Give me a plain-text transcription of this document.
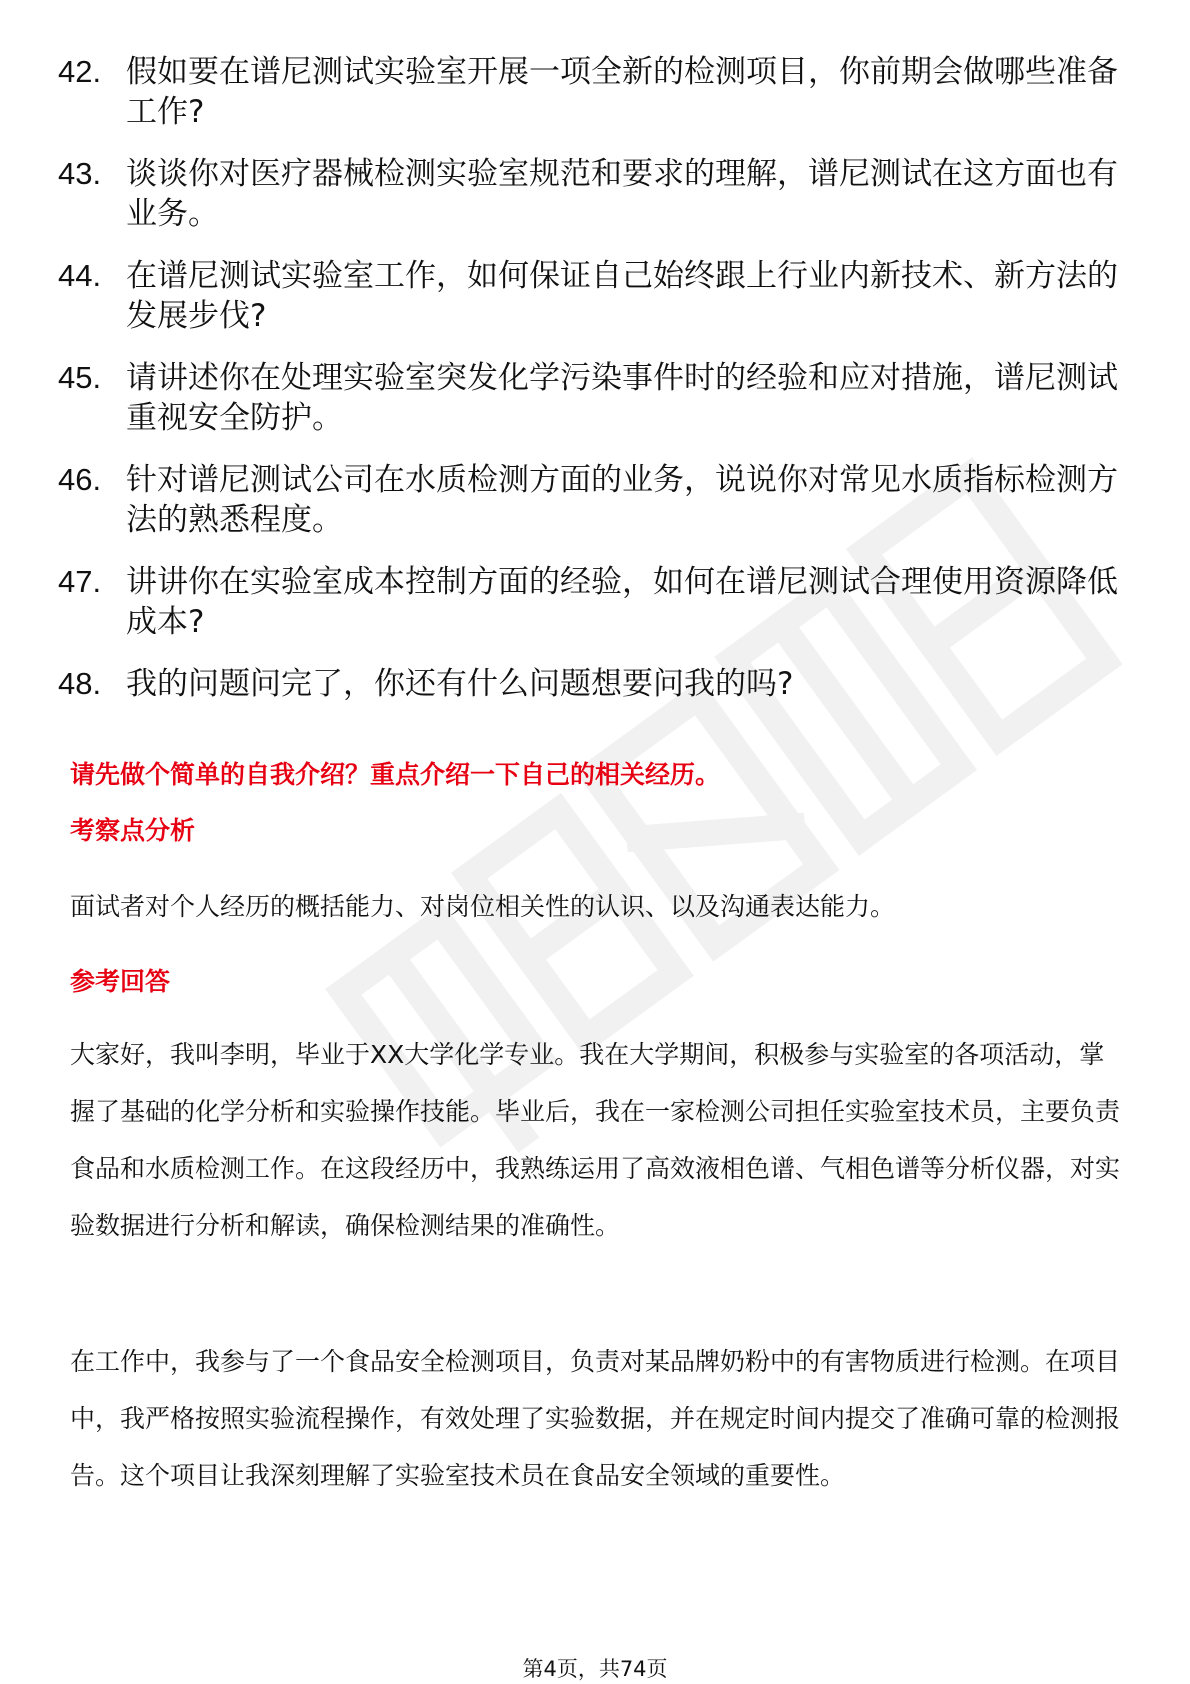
42. 假如要在谱尼测试实验室开展一项全新的检测项目，你前期会做哪些准备工作?
43. 谈谈你对医疗器械检测实验室规范和要求的理解，谱尼测试在这方面也有业务。
44. 在谱尼测试实验室工作，如何保证自己始终跟上行业内新技术、新方法的发展步伐?
45. 请讲述你在处理实验室突发化学污染事件时的经验和应对措施，谱尼测试重视安全防护。
46. 针对谱尼测试公司在水质检测方面的业务，说说你对常见水质指标检测方法的熟悉程度。
47. 讲讲你在实验室成本控制方面的经验，如何在谱尼测试合理使用资源降低成本?
48. 我的问题问完了，你还有什么问题想要问我的吗?

请先做个简单的自我介绍？重点介绍一下自己的相关经历。

考察点分析

面试者对个人经历的概括能力、对岗位相关性的认识、以及沟通表达能力。

参考回答

大家好，我叫李明，毕业于XX大学化学专业。我在大学期间，积极参与实验室的各项活动，掌握了基础的化学分析和实验操作技能。毕业后，我在一家检测公司担任实验室技术员，主要负责食品和水质检测工作。在这段经历中，我熟练运用了高效液相色谱、气相色谱等分析仪器，对实验数据进行分析和解读，确保检测结果的准确性。

在工作中，我参与了一个食品安全检测项目，负责对某品牌奶粉中的有害物质进行检测。在项目中，我严格按照实验流程操作，有效处理了实验数据，并在规定时间内提交了准确可靠的检测报告。这个项目让我深刻理解了实验室技术员在食品安全领域的重要性。

第4页，共74页
